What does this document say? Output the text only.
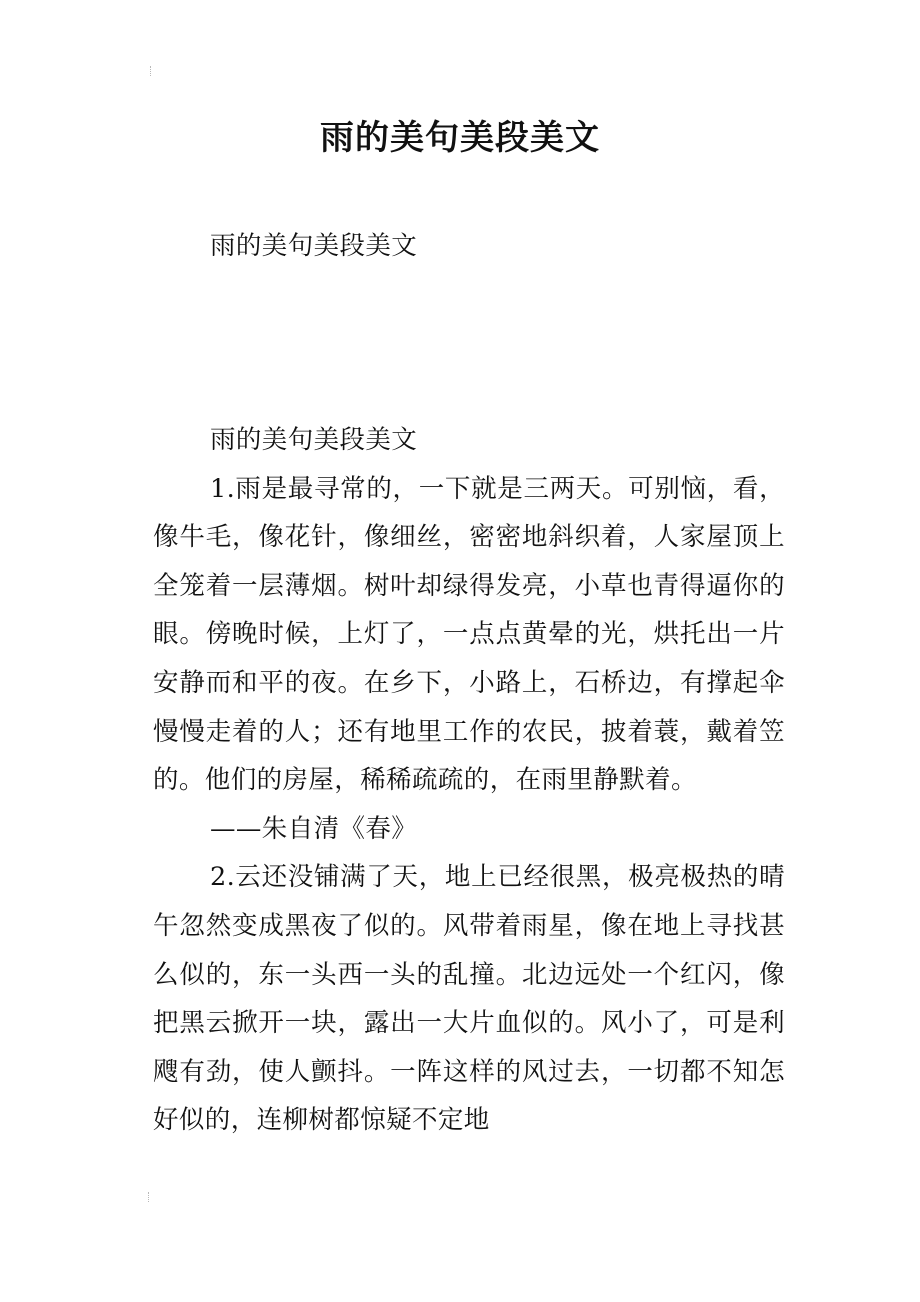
雨的美句美段美文

雨的美句美段美文

雨的美句美段美文

1.雨是最寻常的，一下就是三两天。可别恼，看，像牛毛，像花针，像细丝，密密地斜织着，人家屋顶上全笼着一层薄烟。树叶却绿得发亮，小草也青得逼你的眼。傍晚时候，上灯了，一点点黄晕的光，烘托出一片安静而和平的夜。在乡下，小路上，石桥边，有撑起伞慢慢走着的人；还有地里工作的农民，披着蓑，戴着笠的。他们的房屋，稀稀疏疏的，在雨里静默着。

——朱自清《春》

2.云还没铺满了天，地上已经很黑，极亮极热的晴午忽然变成黑夜了似的。风带着雨星，像在地上寻找甚么似的，东一头西一头的乱撞。北边远处一个红闪，像把黑云掀开一块，露出一大片血似的。风小了，可是利飕有劲，使人颤抖。一阵这样的风过去，一切都不知怎好似的，连柳树都惊疑不定地
